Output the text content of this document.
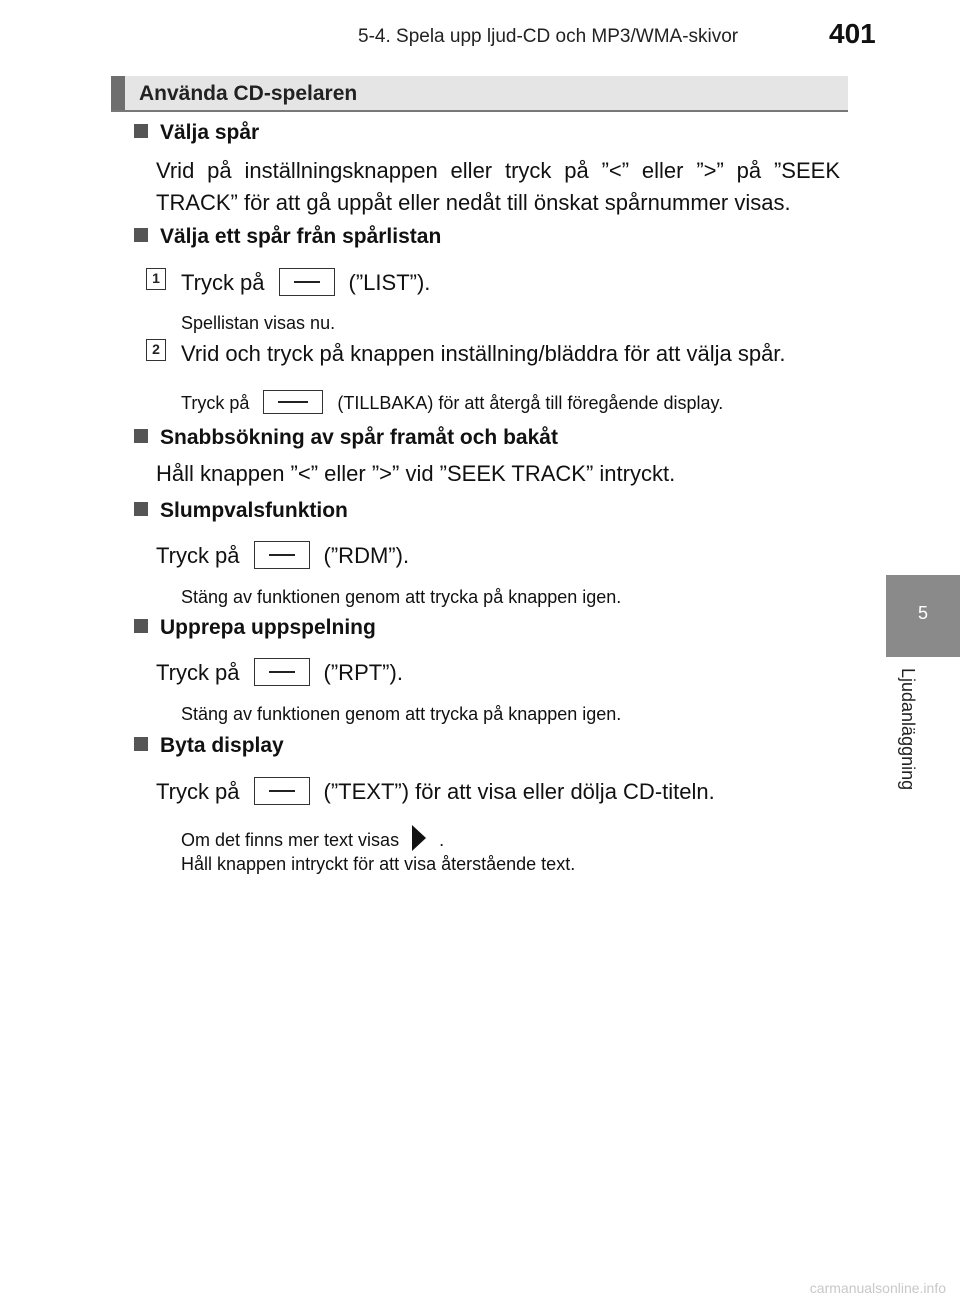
5-4. Spela upp ljud-CD och MP3/WMA-skivor	401
Använda CD-spelaren
5
Ljudanläggning
Välja spår
Vrid på inställningsknappen eller tryck på ”<” eller ”>” på ”SEEK TRACK” för att gå uppåt eller nedåt till önskat spårnummer visas.
Välja ett spår från spårlistan
1 Tryck på	(”LIST”).
Spellistan visas nu.
2 Vrid och tryck på knappen inställning/bläddra för att välja spår.
Tryck på	(TILLBAKA) för att återgå till föregående display.
Snabbsökning av spår framåt och bakåt
Håll knappen ”<” eller ”>” vid ”SEEK TRACK” intryckt.
Slumpvalsfunktion
Tryck på	(”RDM”).
Stäng av funktionen genom att trycka på knappen igen.
Upprepa uppspelning
Tryck på	(”RPT”).
Stäng av funktionen genom att trycka på knappen igen.
Byta display
Tryck på	(”TEXT”) för att visa eller dölja CD-titeln.
Om det finns mer text visas .
Håll knappen intryckt för att visa återstående text.
carmanualsonline.info
